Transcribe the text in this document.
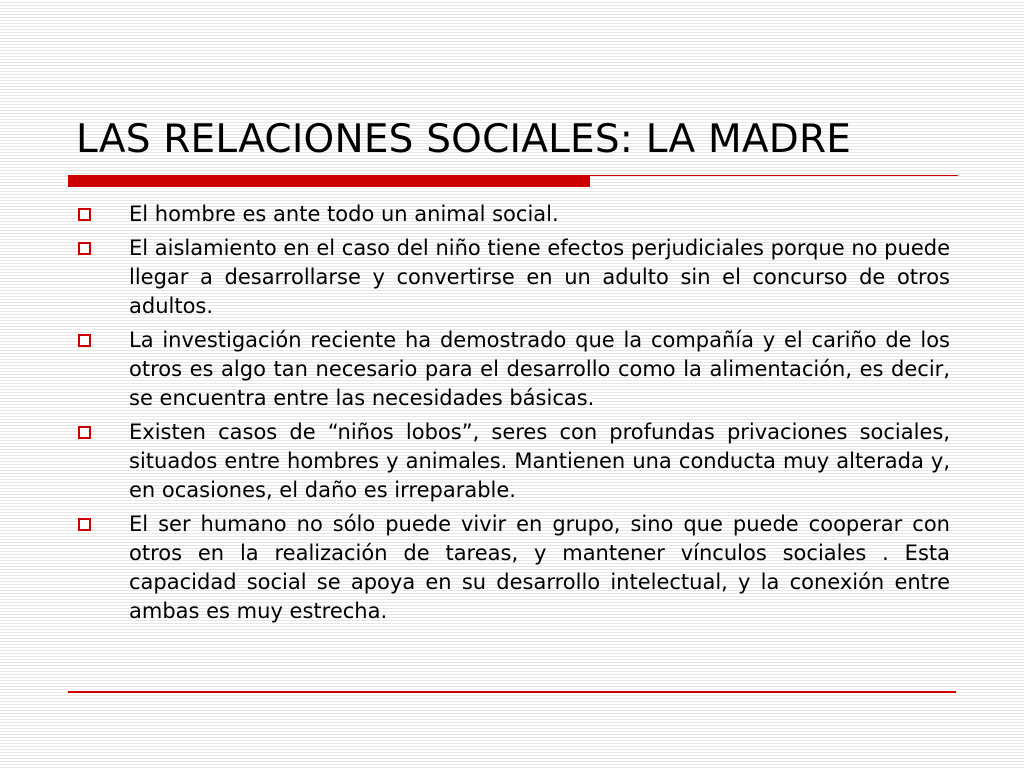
LAS RELACIONES SOCIALES: LA MADRE
El hombre es ante todo un animal social.
El aislamiento en el caso del niño tiene efectos perjudiciales porque no puede llegar a desarrollarse y convertirse en un adulto sin el concurso de otros adultos.
La investigación reciente ha demostrado que la compañía y el cariño de los otros es algo tan necesario para el desarrollo como la alimentación, es decir, se encuentra entre las necesidades básicas.
Existen casos de “niños lobos”, seres con profundas privaciones sociales, situados entre hombres y animales. Mantienen una conducta muy alterada y, en ocasiones, el daño es irreparable.
El ser humano no sólo puede vivir en grupo, sino que puede cooperar con otros en la realización de tareas, y mantener vínculos sociales . Esta capacidad social se apoya en su desarrollo intelectual, y la conexión entre ambas es muy estrecha.
